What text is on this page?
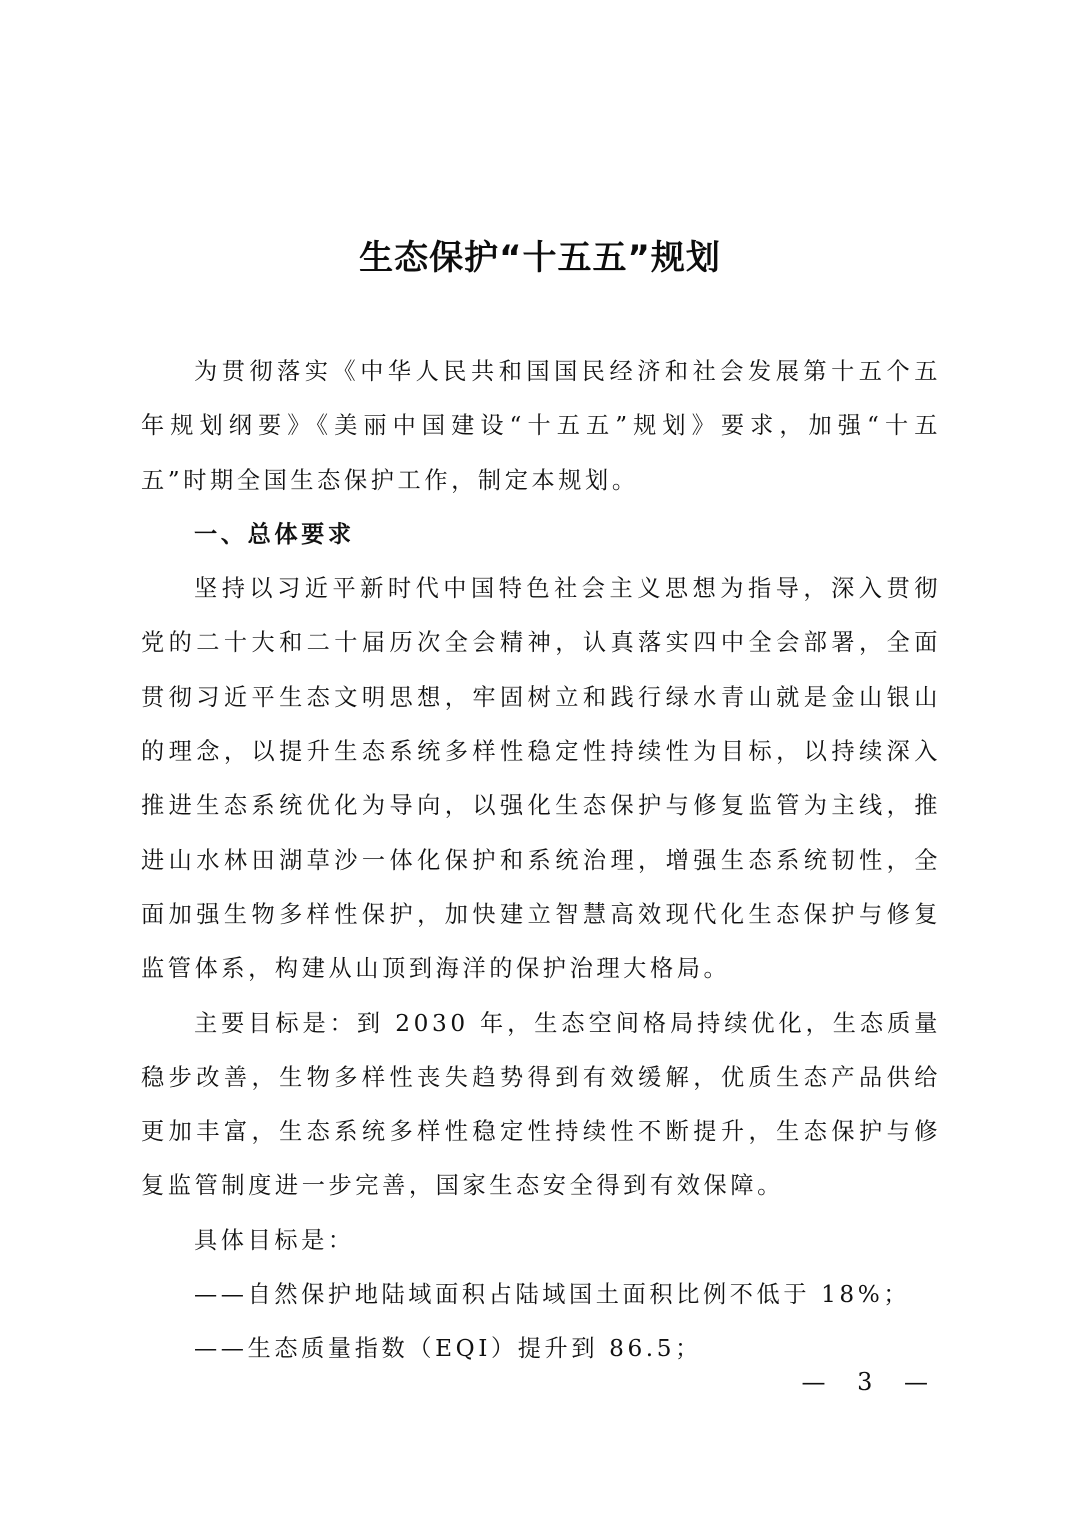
生态保护“十五五”规划

为贯彻落实《中华人民共和国国民经济和社会发展第十五个五年规划纲要》《美丽中国建设“十五五”规划》要求，加强“十五五”时期全国生态保护工作，制定本规划。

一、总体要求

坚持以习近平新时代中国特色社会主义思想为指导，深入贯彻党的二十大和二十届历次全会精神，认真落实四中全会部署，全面贯彻习近平生态文明思想，牢固树立和践行绿水青山就是金山银山的理念，以提升生态系统多样性稳定性持续性为目标，以持续深入推进生态系统优化为导向，以强化生态保护与修复监管为主线，推进山水林田湖草沙一体化保护和系统治理，增强生态系统韧性，全面加强生物多样性保护，加快建立智慧高效现代化生态保护与修复监管体系，构建从山顶到海洋的保护治理大格局。

主要目标是：到 2030 年，生态空间格局持续优化，生态质量稳步改善，生物多样性丧失趋势得到有效缓解，优质生态产品供给更加丰富，生态系统多样性稳定性持续性不断提升，生态保护与修复监管制度进一步完善，国家生态安全得到有效保障。

具体目标是：

——自然保护地陆域面积占陆域国土面积比例不低于 18%；

——生态质量指数（EQI）提升到 86.5；

— 3 —
